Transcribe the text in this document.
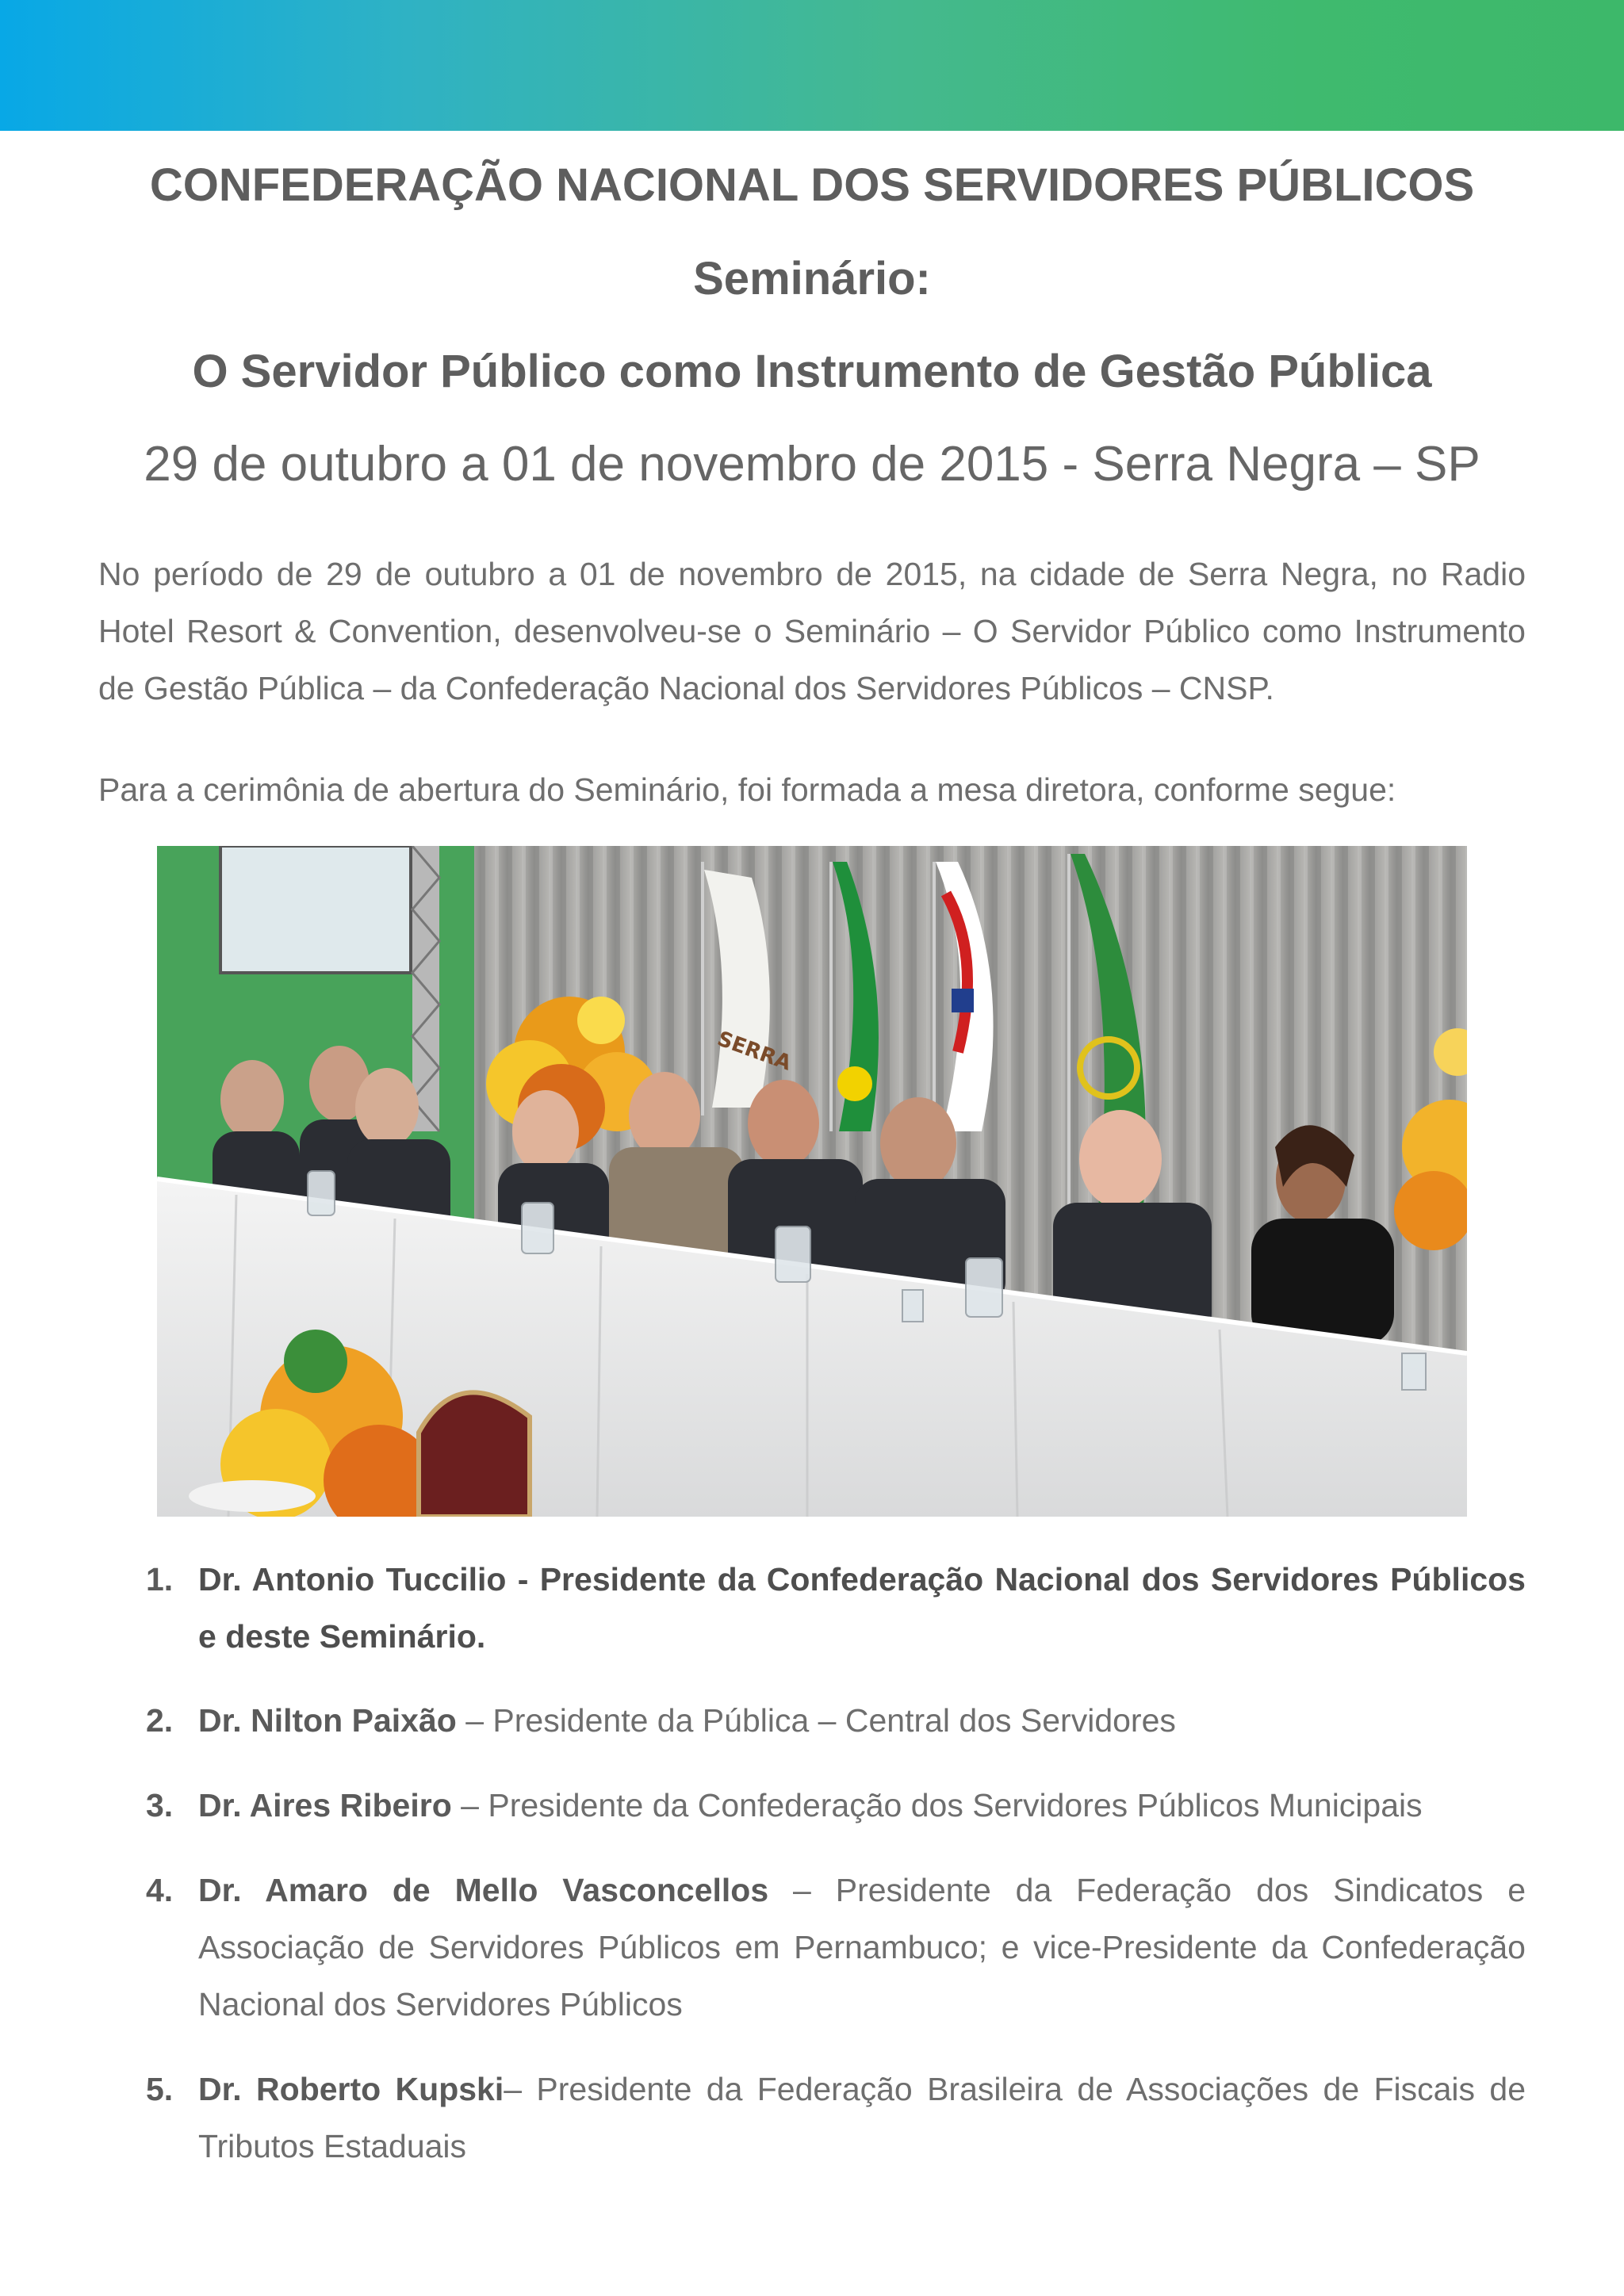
CONFEDERAÇÃO NACIONAL DOS SERVIDORES PÚBLICOS
Seminário:
O Servidor Público como Instrumento de Gestão Pública
29 de outubro a 01 de novembro de 2015 - Serra Negra – SP

No período de 29 de outubro a 01 de novembro de 2015, na cidade de Serra Negra, no Radio Hotel Resort & Convention, desenvolveu-se o Seminário – O Servidor Público como Instrumento de Gestão Pública – da Confederação Nacional dos Servidores Públicos – CNSP.

Para a cerimônia de abertura do Seminário, foi formada a mesa diretora, conforme segue:

SERRA
1. Dr. Antonio Tuccilio - Presidente da Confederação Nacional dos Servidores Públicos e deste Seminário.
2. Dr. Nilton Paixão – Presidente da Pública – Central dos Servidores
3. Dr. Aires Ribeiro – Presidente da Confederação dos Servidores Públicos Municipais
4. Dr. Amaro de Mello Vasconcellos – Presidente da Federação dos Sindicatos e Associação de Servidores Públicos em Pernambuco; e vice-Presidente da Confederação Nacional dos Servidores Públicos
5. Dr. Roberto Kupski– Presidente da Federação Brasileira de Associações de Fiscais de Tributos Estaduais
